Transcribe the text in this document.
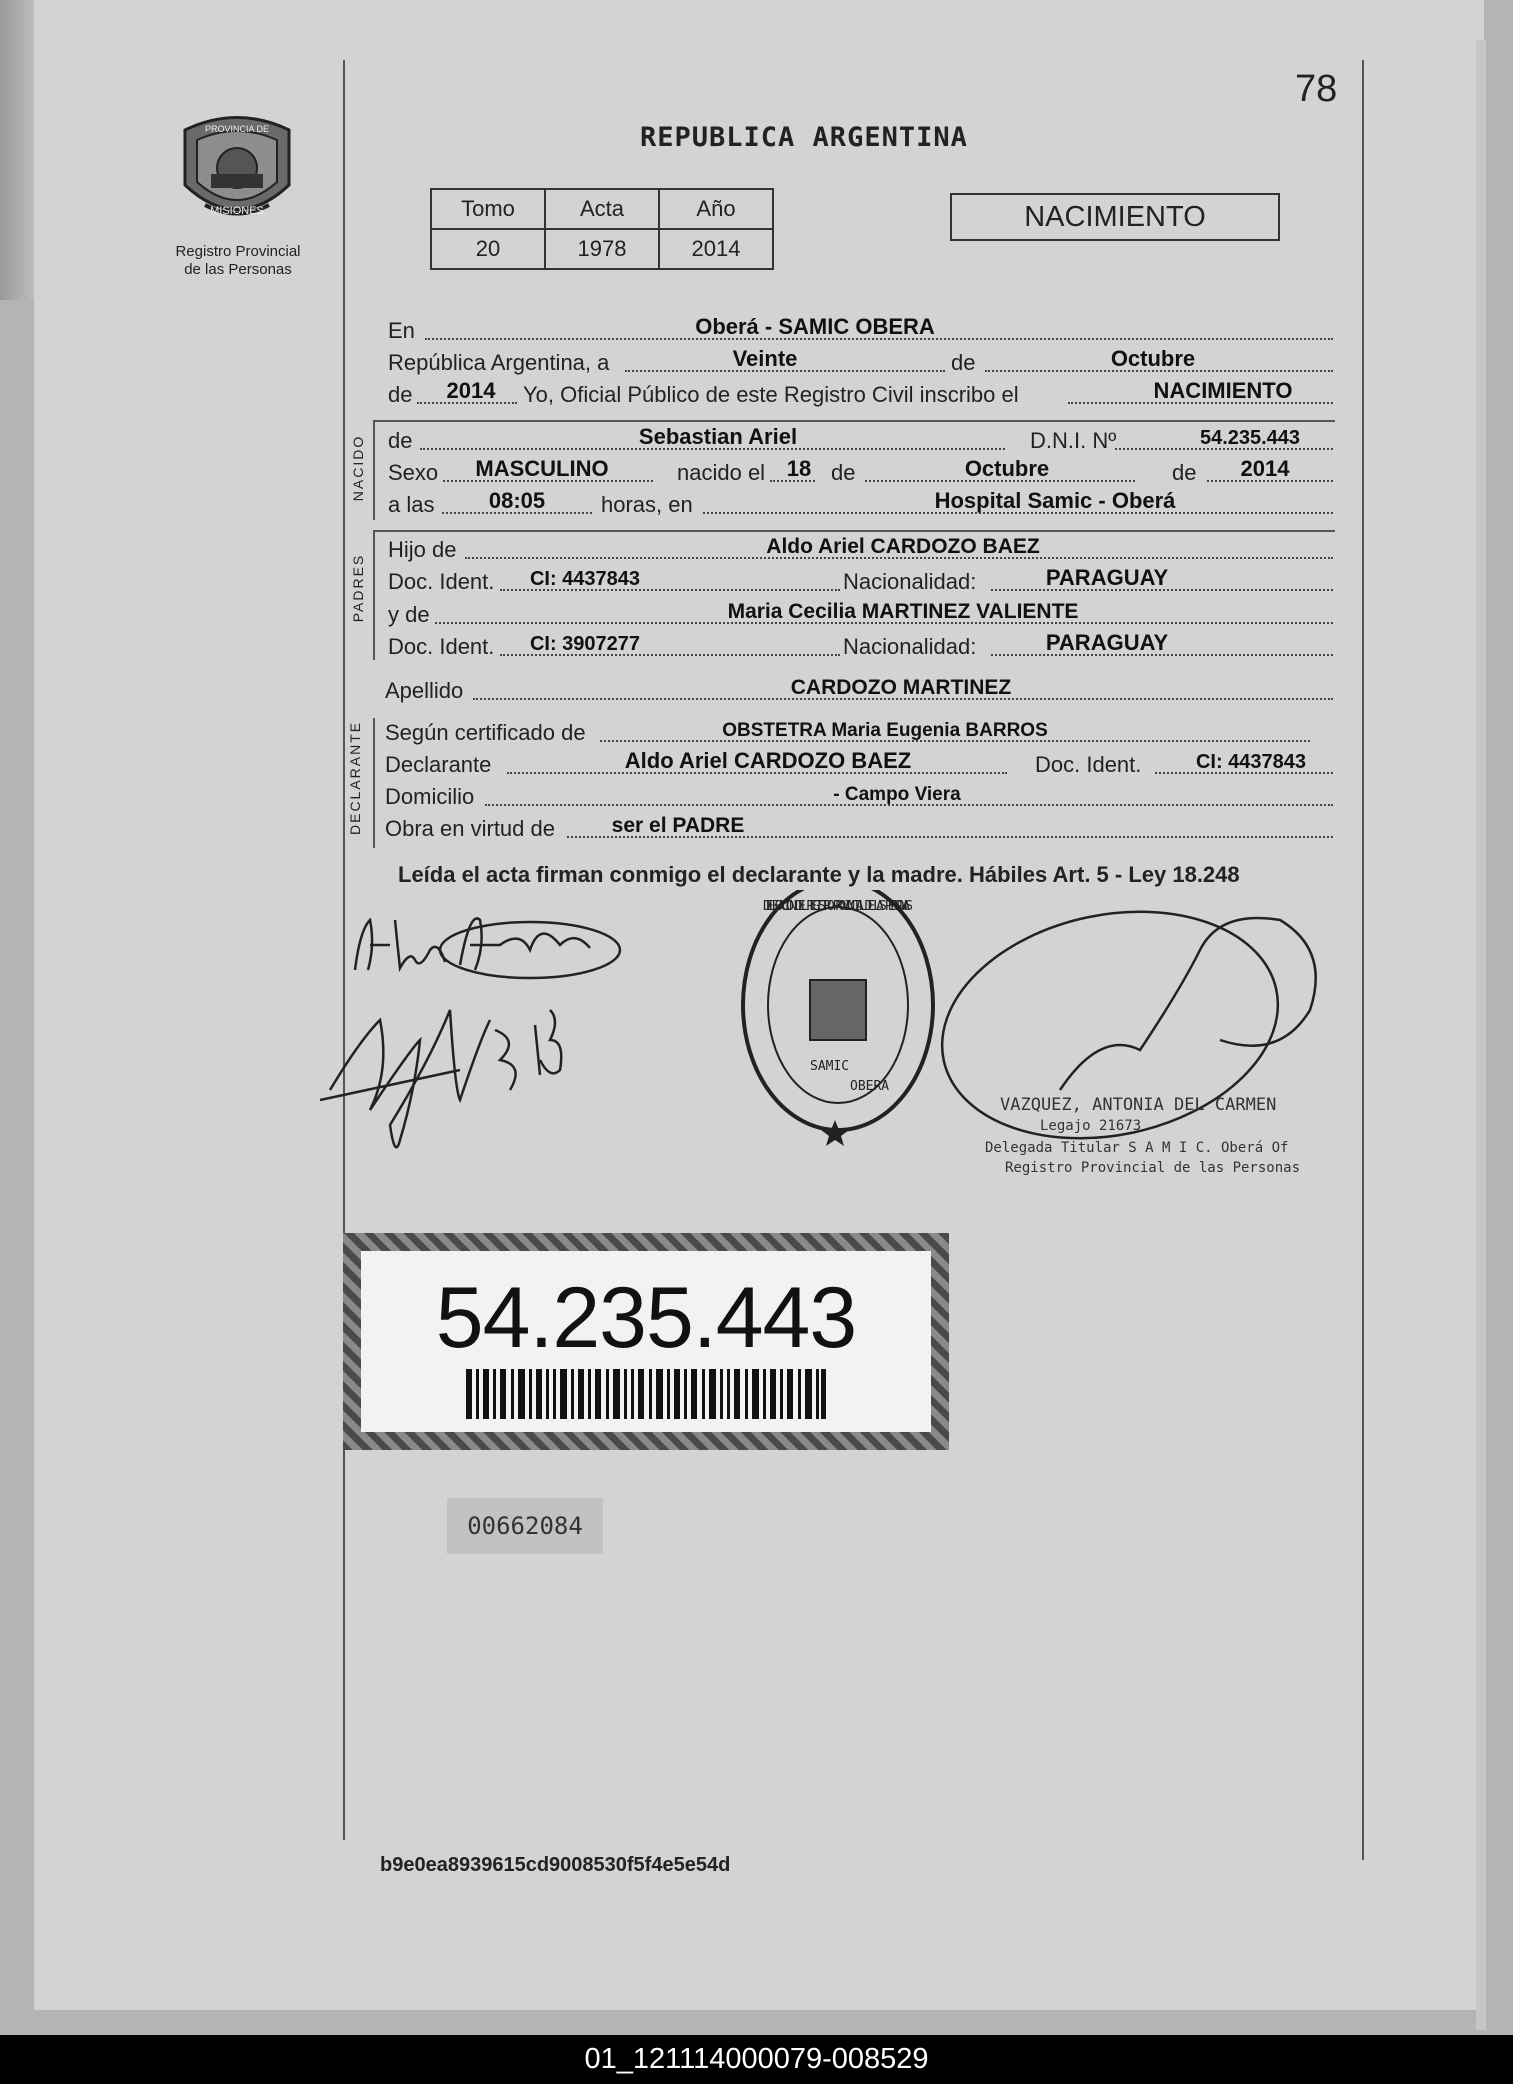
78
PROVINCIA DE
MISIONES
Registro Provincial
de las Personas
REPUBLICA ARGENTINA
Tomo	Acta	Año
20	1978	2014
NACIMIENTO
En	Oberá - SAMIC OBERA
República Argentina, a	Veinte	de	Octubre
de 2014 Yo, Oficial Público de este Registro Civil inscribo el	NACIMIENTO
NACIDO de	Sebastian Ariel	D.N.I. Nº	54.235.443
Sexo MASCULINO	nacido el 18 de	Octubre	de 2014
a las 08:05	horas, en	Hospital Samic - Oberá
PADRES
Hijo de	Aldo Ariel CARDOZO BAEZ
Doc. Ident. CI: 4437843	Nacionalidad:	PARAGUAY
y de	Maria Cecilia MARTINEZ VALIENTE
Doc. Ident. CI: 3907277	Nacionalidad:	PARAGUAY
Apellido	CARDOZO MARTINEZ
DECLARANTE Según certificado de	OBSTETRA Maria Eugenia BARROS
Declarante	Aldo Ariel CARDOZO BAEZ	Doc. Ident.	CI: 4437843
Domicilio	- Campo Viera
Obra en virtud de	ser el PADRE
Leída el acta firman conmigo el declarante y la madre. Hábiles Art. 5 - Ley 18.248
DELEGACION DEL REGISTRO PROVINCIAL DE LAS PERSONAS
SAMIC
OBERA
VAZQUEZ, ANTONIA DEL CARMEN
Legajo 21673
Delegada Titular S A M I C. Oberá Of
Registro Provincial de las Personas
54.235.443
00662084
b9e0ea8939615cd9008530f5f4e5e54d
01_121114000079-008529
